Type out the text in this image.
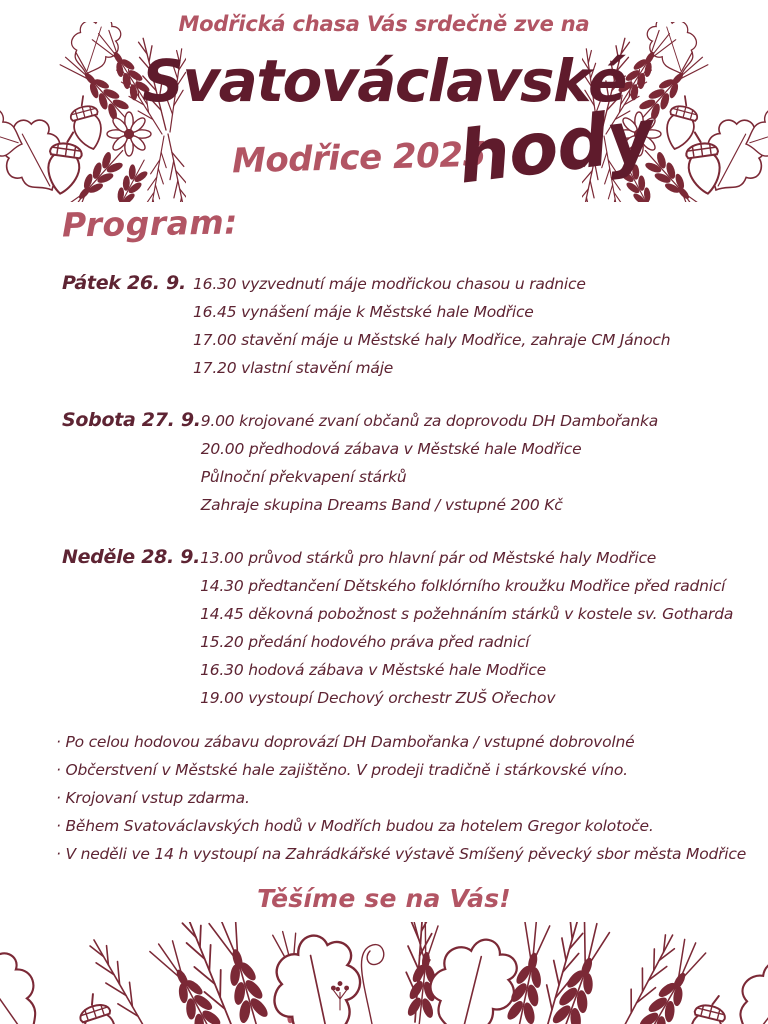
Modřická chasa Vás srdečně zve na
Svatováclavské
Modřice 2025
hody
Program:
Pátek 26. 9. 16.30 vyzvednutí máje modřickou chasou u radnice
16.45 vynášení máje k Městské hale Modřice
17.00 stavění máje u Městské haly Modřice, zahraje CM Jánoch
17.20 vlastní stavění máje
Sobota 27. 9. 9.00 krojované zvaní občanů za doprovodu DH Dambořanka
20.00 předhodová zábava v Městské hale Modřice
Půlnoční překvapení stárků
Zahraje skupina Dreams Band / vstupné 200 Kč
Neděle 28. 9. 13.00 průvod stárků pro hlavní pár od Městské haly Modřice
14.30 předtančení Dětského folklórního kroužku Modřice před radnicí
14.45 děkovná pobožnost s požehnáním stárků v kostele sv. Gotharda
15.20 předání hodového práva před radnicí
16.30 hodová zábava v Městské hale Modřice
19.00 vystoupí Dechový orchestr ZUŠ Ořechov
· Po celou hodovou zábavu doprovází DH Dambořanka / vstupné dobrovolné
· Občerstvení v Městské hale zajištěno. V prodeji tradičně i stárkovské víno.
· Krojovaní vstup zdarma.
· Během Svatováclavských hodů v Modřích budou za hotelem Gregor kolotoče.
· V neděli ve 14 h vystoupí na Zahrádkářské výstavě Smíšený pěvecký sbor města Modřice
Těšíme se na Vás!
